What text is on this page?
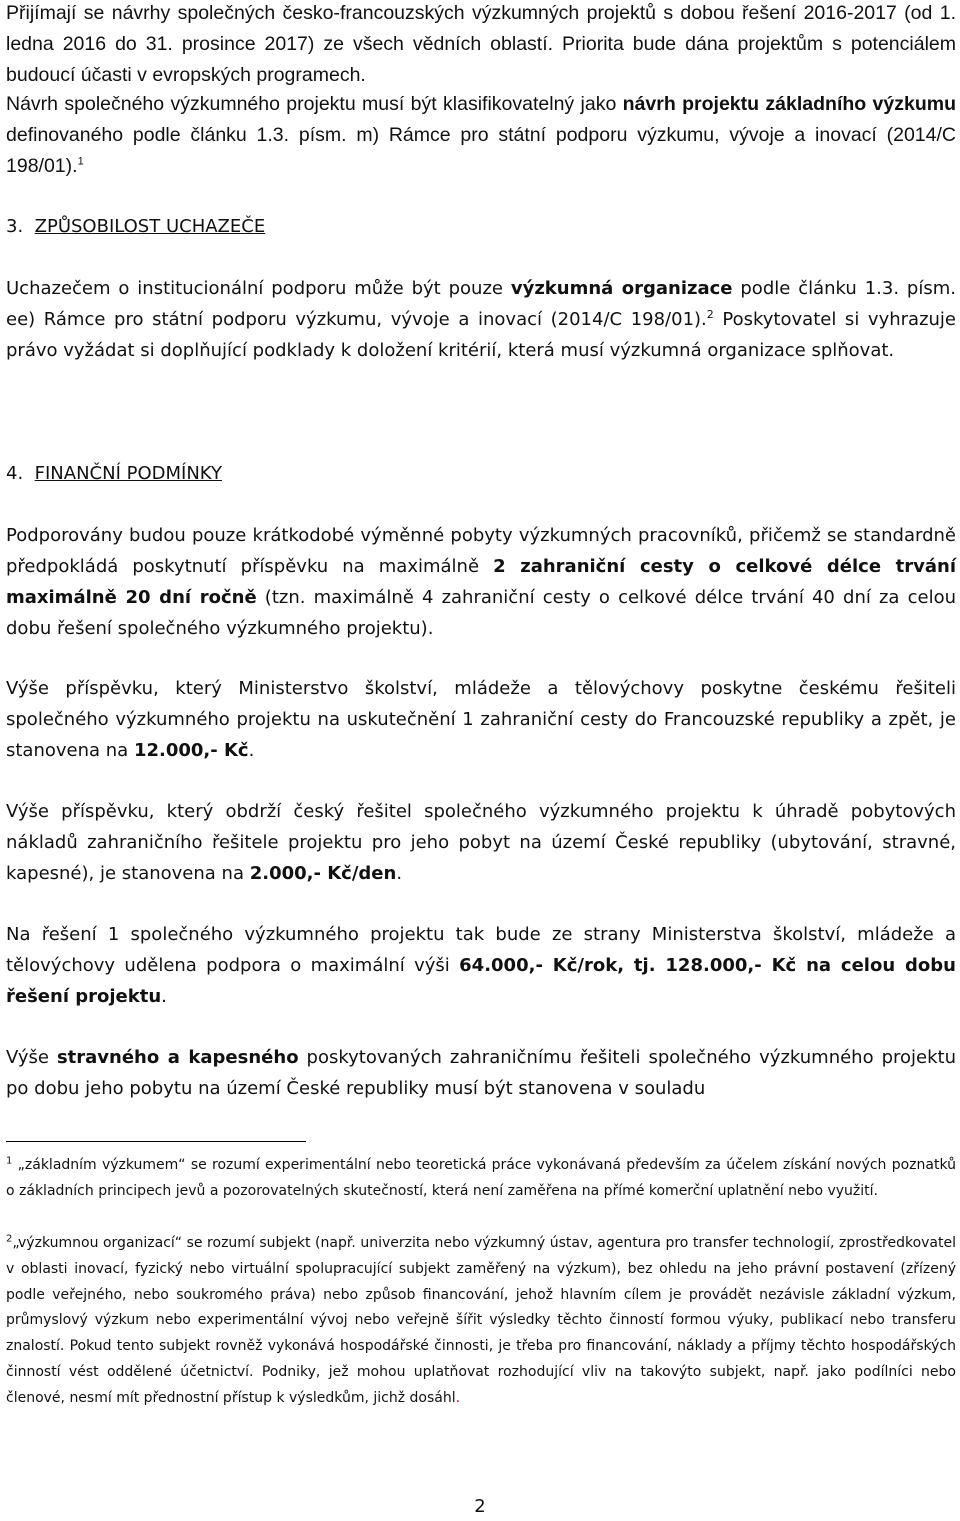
Přijímají se návrhy společných česko-francouzských výzkumných projektů s dobou řešení 2016-2017 (od 1. ledna 2016 do 31. prosince 2017) ze všech vědních oblastí. Priorita bude dána projektům s potenciálem budoucí účasti v evropských programech.

Návrh společného výzkumného projektu musí být klasifikovatelný jako návrh projektu základního výzkumu definovaného podle článku 1.3. písm. m) Rámce pro státní podporu výzkumu, vývoje a inovací (2014/C 198/01).$^1$

3. ZPŮSOBILOST UCHAZEČE

Uchazečem o institucionální podporu může být pouze výzkumná organizace podle článku 1.3. písm. ee) Rámce pro státní podporu výzkumu, vývoje a inovací (2014/C 198/01).$^2$ Poskytovatel si vyhrazuje právo vyžádat si doplňující podklady k doložení kritérií, která musí výzkumná organizace splňovat.

4. FINANČNÍ PODMÍNKY

Podporovány budou pouze krátkodobé výměnné pobyty výzkumných pracovníků, přičemž se standardně předpokládá poskytnutí příspěvku na maximálně 2 zahraniční cesty o celkové délce trvání maximálně 20 dní ročně (tzn. maximálně 4 zahraniční cesty o celkové délce trvání 40 dní za celou dobu řešení společného výzkumného projektu).

Výše příspěvku, který Ministerstvo školství, mládeže a tělovýchovy poskytne českému řešiteli společného výzkumného projektu na uskutečnění 1 zahraniční cesty do Francouzské republiky a zpět, je stanovena na 12.000,- Kč.

Výše příspěvku, který obdrží český řešitel společného výzkumného projektu k úhradě pobytových nákladů zahraničního řešitele projektu pro jeho pobyt na území České republiky (ubytování, stravné, kapesné), je stanovena na 2.000,- Kč/den.

Na řešení 1 společného výzkumného projektu tak bude ze strany Ministerstva školství, mládeže a tělovýchovy udělena podpora o maximální výši 64.000,- Kč/rok, tj. 128.000,- Kč na celou dobu řešení projektu.

Výše stravného a kapesného poskytovaných zahraničnímu řešiteli společného výzkumného projektu po dobu jeho pobytu na území České republiky musí být stanovena v souladu

$^1$ „základním výzkumem“ se rozumí experimentální nebo teoretická práce vykonávaná především za účelem získání nových poznatků o základních principech jevů a pozorovatelných skutečností, která není zaměřena na přímé komerční uplatnění nebo využití.

$^2$„výzkumnou organizací“ se rozumí subjekt (např. univerzita nebo výzkumný ústav, agentura pro transfer technologií, zprostředkovatel v oblasti inovací, fyzický nebo virtuální spolupracující subjekt zaměřený na výzkum), bez ohledu na jeho právní postavení (zřízený podle veřejného, nebo soukromého práva) nebo způsob financování, jehož hlavním cílem je provádět nezávisle základní výzkum, průmyslový výzkum nebo experimentální vývoj nebo veřejně šířit výsledky těchto činností formou výuky, publikací nebo transferu znalostí. Pokud tento subjekt rovněž vykonává hospodářské činnosti, je třeba pro financování, náklady a příjmy těchto hospodářských činností vést oddělené účetnictví. Podniky, jež mohou uplatňovat rozhodující vliv na takovýto subjekt, např. jako podílníci nebo členové, nesmí mít přednostní přístup k výsledkům, jichž dosáhl.

2
